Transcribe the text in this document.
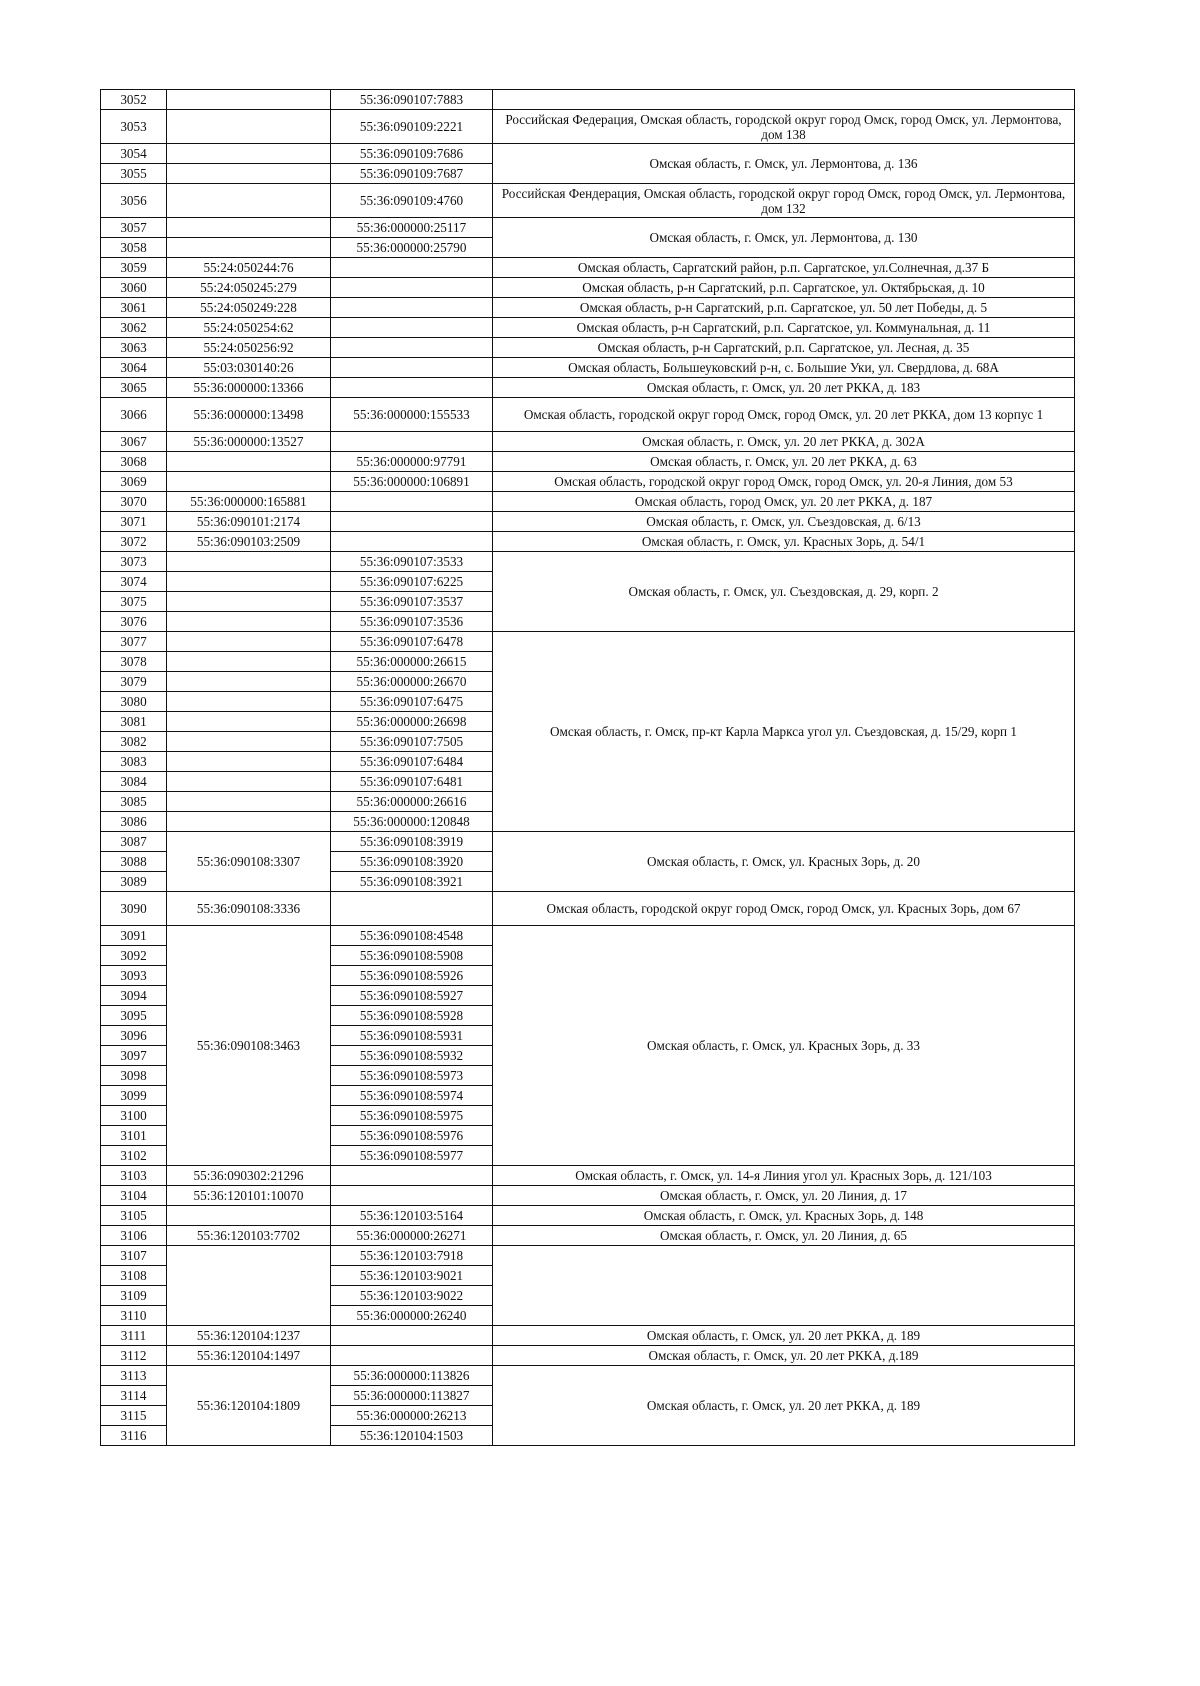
3052		55:36:090107:7883	
3053		55:36:090109:2221	Российская Федерация, Омская область, городской округ город Омск, город Омск, ул. Лермонтова, дом 138
3054		55:36:090109:7686	Омская область, г. Омск, ул. Лермонтова, д. 136
3055		55:36:090109:7687	
3056		55:36:090109:4760	Российская Фендерация, Омская область, городской округ город Омск, город Омск, ул. Лермонтова, дом 132
3057		55:36:000000:25117	Омская область, г. Омск, ул. Лермонтова, д. 130
3058		55:36:000000:25790	
3059	55:24:050244:76		Омская область, Саргатский район, р.п. Саргатское, ул.Солнечная, д.37 Б
3060	55:24:050245:279		Омская область, р-н Саргатский, р.п. Саргатское, ул. Октябрьская, д. 10
3061	55:24:050249:228		Омская область, р-н Саргатский, р.п. Саргатское, ул. 50 лет Победы, д. 5
3062	55:24:050254:62		Омская область, р-н Саргатский, р.п. Саргатское, ул. Коммунальная, д. 11
3063	55:24:050256:92		Омская область, р-н Саргатский, р.п. Саргатское, ул. Лесная, д. 35
3064	55:03:030140:26		Омская область, Большеуковский р-н, с. Большие Уки, ул. Свердлова, д. 68А
3065	55:36:000000:13366		Омская область, г. Омск, ул. 20 лет РККА, д. 183
3066	55:36:000000:13498	55:36:000000:155533	Омская область, городской округ город Омск, город Омск, ул. 20 лет РККА, дом 13 корпус 1
3067	55:36:000000:13527		Омская область, г. Омск, ул. 20 лет РККА, д. 302А
3068		55:36:000000:97791	Омская область, г. Омск, ул. 20 лет РККА, д. 63
3069		55:36:000000:106891	Омская область, городской округ город Омск, город Омск, ул. 20-я Линия, дом 53
3070	55:36:000000:165881		Омская область, город Омск, ул. 20 лет РККА, д. 187
3071	55:36:090101:2174		Омская область, г. Омск, ул. Съездовская, д. 6/13
3072	55:36:090103:2509		Омская область, г. Омск, ул. Красных Зорь, д. 54/1
3073		55:36:090107:3533	Омская область, г. Омск, ул. Съездовская, д. 29, корп. 2
3074		55:36:090107:6225	
3075		55:36:090107:3537	
3076		55:36:090107:3536	
3077		55:36:090107:6478	Омская область, г. Омск, пр-кт Карла Маркса угол ул. Съездовская, д. 15/29, корп 1
3078		55:36:000000:26615	
3079		55:36:000000:26670	
3080		55:36:090107:6475	
3081		55:36:000000:26698	
3082		55:36:090107:7505	
3083		55:36:090107:6484	
3084		55:36:090107:6481	
3085		55:36:000000:26616	
3086		55:36:000000:120848	
3087	55:36:090108:3307	55:36:090108:3919	Омская область, г. Омск, ул. Красных Зорь, д. 20
3088		55:36:090108:3920	
3089		55:36:090108:3921	
3090	55:36:090108:3336		Омская область, городской округ город Омск, город Омск, ул. Красных Зорь, дом 67
3091	55:36:090108:3463	55:36:090108:4548	Омская область, г. Омск, ул. Красных Зорь, д. 33
3092		55:36:090108:5908	
3093		55:36:090108:5926	
3094		55:36:090108:5927	
3095		55:36:090108:5928	
3096		55:36:090108:5931	
3097		55:36:090108:5932	
3098		55:36:090108:5973	
3099		55:36:090108:5974	
3100		55:36:090108:5975	
3101		55:36:090108:5976	
3102		55:36:090108:5977	
3103	55:36:090302:21296		Омская область, г. Омск, ул. 14-я Линия угол ул. Красных Зорь, д. 121/103
3104	55:36:120101:10070		Омская область, г. Омск, ул. 20 Линия, д. 17
3105		55:36:120103:5164	Омская область, г. Омск, ул. Красных Зорь, д. 148
3106	55:36:120103:7702	55:36:000000:26271	Омская область, г. Омск, ул. 20 Линия, д. 65
3107		55:36:120103:7918	
3108		55:36:120103:9021	
3109		55:36:120103:9022	
3110		55:36:000000:26240	
3111	55:36:120104:1237		Омская область, г. Омск, ул. 20 лет РККА, д. 189
3112	55:36:120104:1497		Омская область, г. Омск, ул. 20 лет РККА, д.189
3113	55:36:120104:1809	55:36:000000:113826	Омская область, г. Омск, ул. 20 лет РККА, д. 189
3114		55:36:000000:113827	
3115		55:36:000000:26213	
3116		55:36:120104:1503	
